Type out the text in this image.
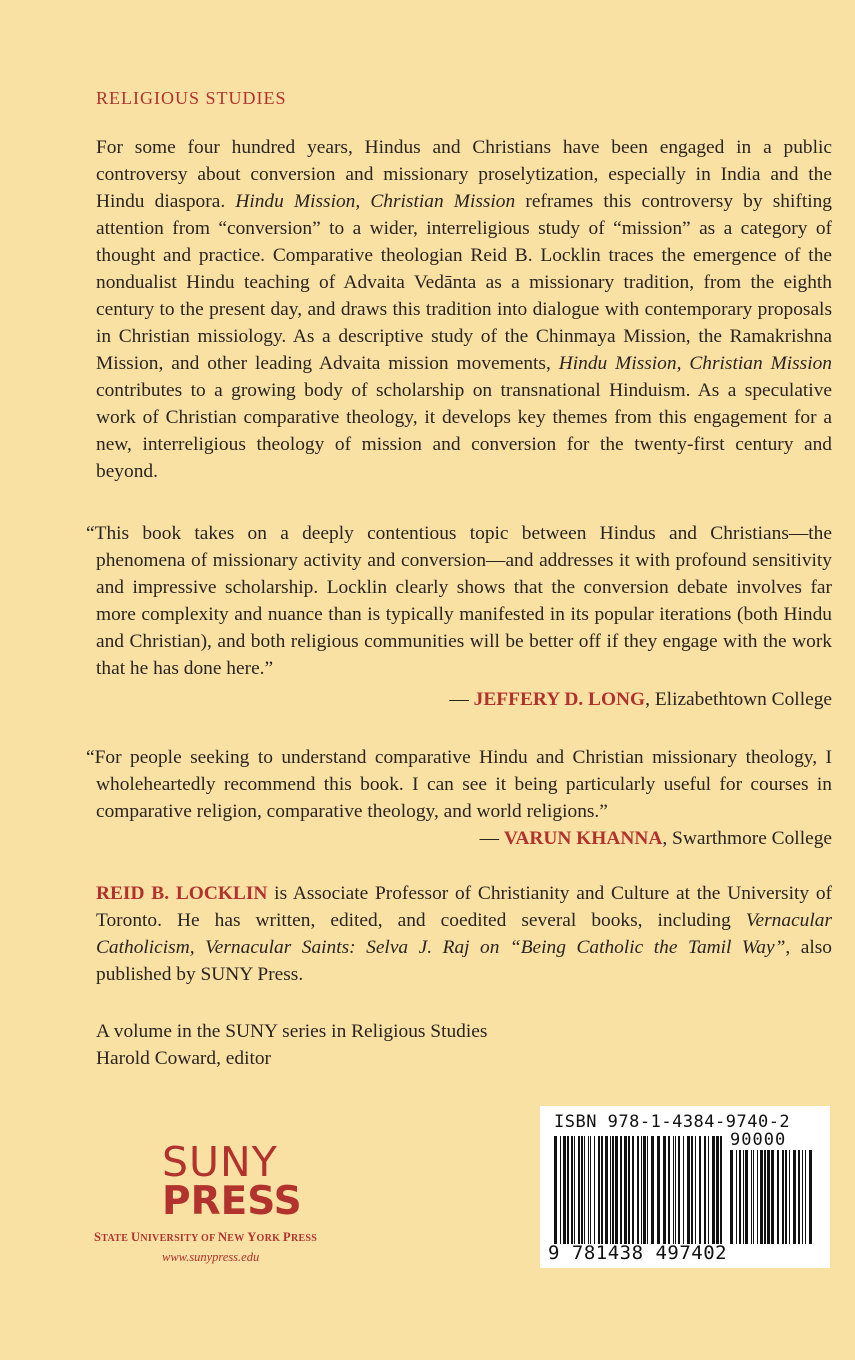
RELIGIOUS STUDIES
For some four hundred years, Hindus and Christians have been engaged in a public controversy about conversion and missionary proselytization, especially in India and the Hindu diaspora. Hindu Mission, Christian Mission reframes this controversy by shifting attention from “conversion” to a wider, interreligious study of “mission” as a category of thought and practice. Comparative theologian Reid B. Locklin traces the emergence of the nondualist Hindu teaching of Advaita Vedānta as a missionary tradition, from the eighth century to the present day, and draws this tradition into dialogue with contemporary proposals in Christian missiology. As a descriptive study of the Chinmaya Mission, the Ramakrishna Mission, and other leading Advaita mission movements, Hindu Mission, Christian Mission contributes to a growing body of scholarship on transnational Hinduism. As a speculative work of Christian comparative theology, it develops key themes from this engagement for a new, interreligious theology of mission and conversion for the twenty-first century and beyond.
“This book takes on a deeply contentious topic between Hindus and Christians—the phenomena of missionary activity and conversion—and addresses it with profound sensitivity and impressive scholarship. Locklin clearly shows that the conversion debate involves far more complexity and nuance than is typically manifested in its popular iterations (both Hindu and Christian), and both religious communities will be better off if they engage with the work that he has done here.”
— JEFFERY D. LONG, Elizabethtown College
“For people seeking to understand comparative Hindu and Christian missionary theology, I wholeheartedly recommend this book. I can see it being particularly useful for courses in comparative religion, comparative theology, and world religions.”
— VARUN KHANNA, Swarthmore College
REID B. LOCKLIN is Associate Professor of Christianity and Culture at the University of Toronto. He has written, edited, and coedited several books, including Vernacular Catholicism, Vernacular Saints: Selva J. Raj on “Being Catholic the Tamil Way”, also published by SUNY Press.
A volume in the SUNY series in Religious Studies
Harold Coward, editor
SUNY
PRESS
STATE UNIVERSITY OF NEW YORK PRESS
www.sunypress.edu
ISBN 978-1-4384-9740-2
90000
9 781438 497402
